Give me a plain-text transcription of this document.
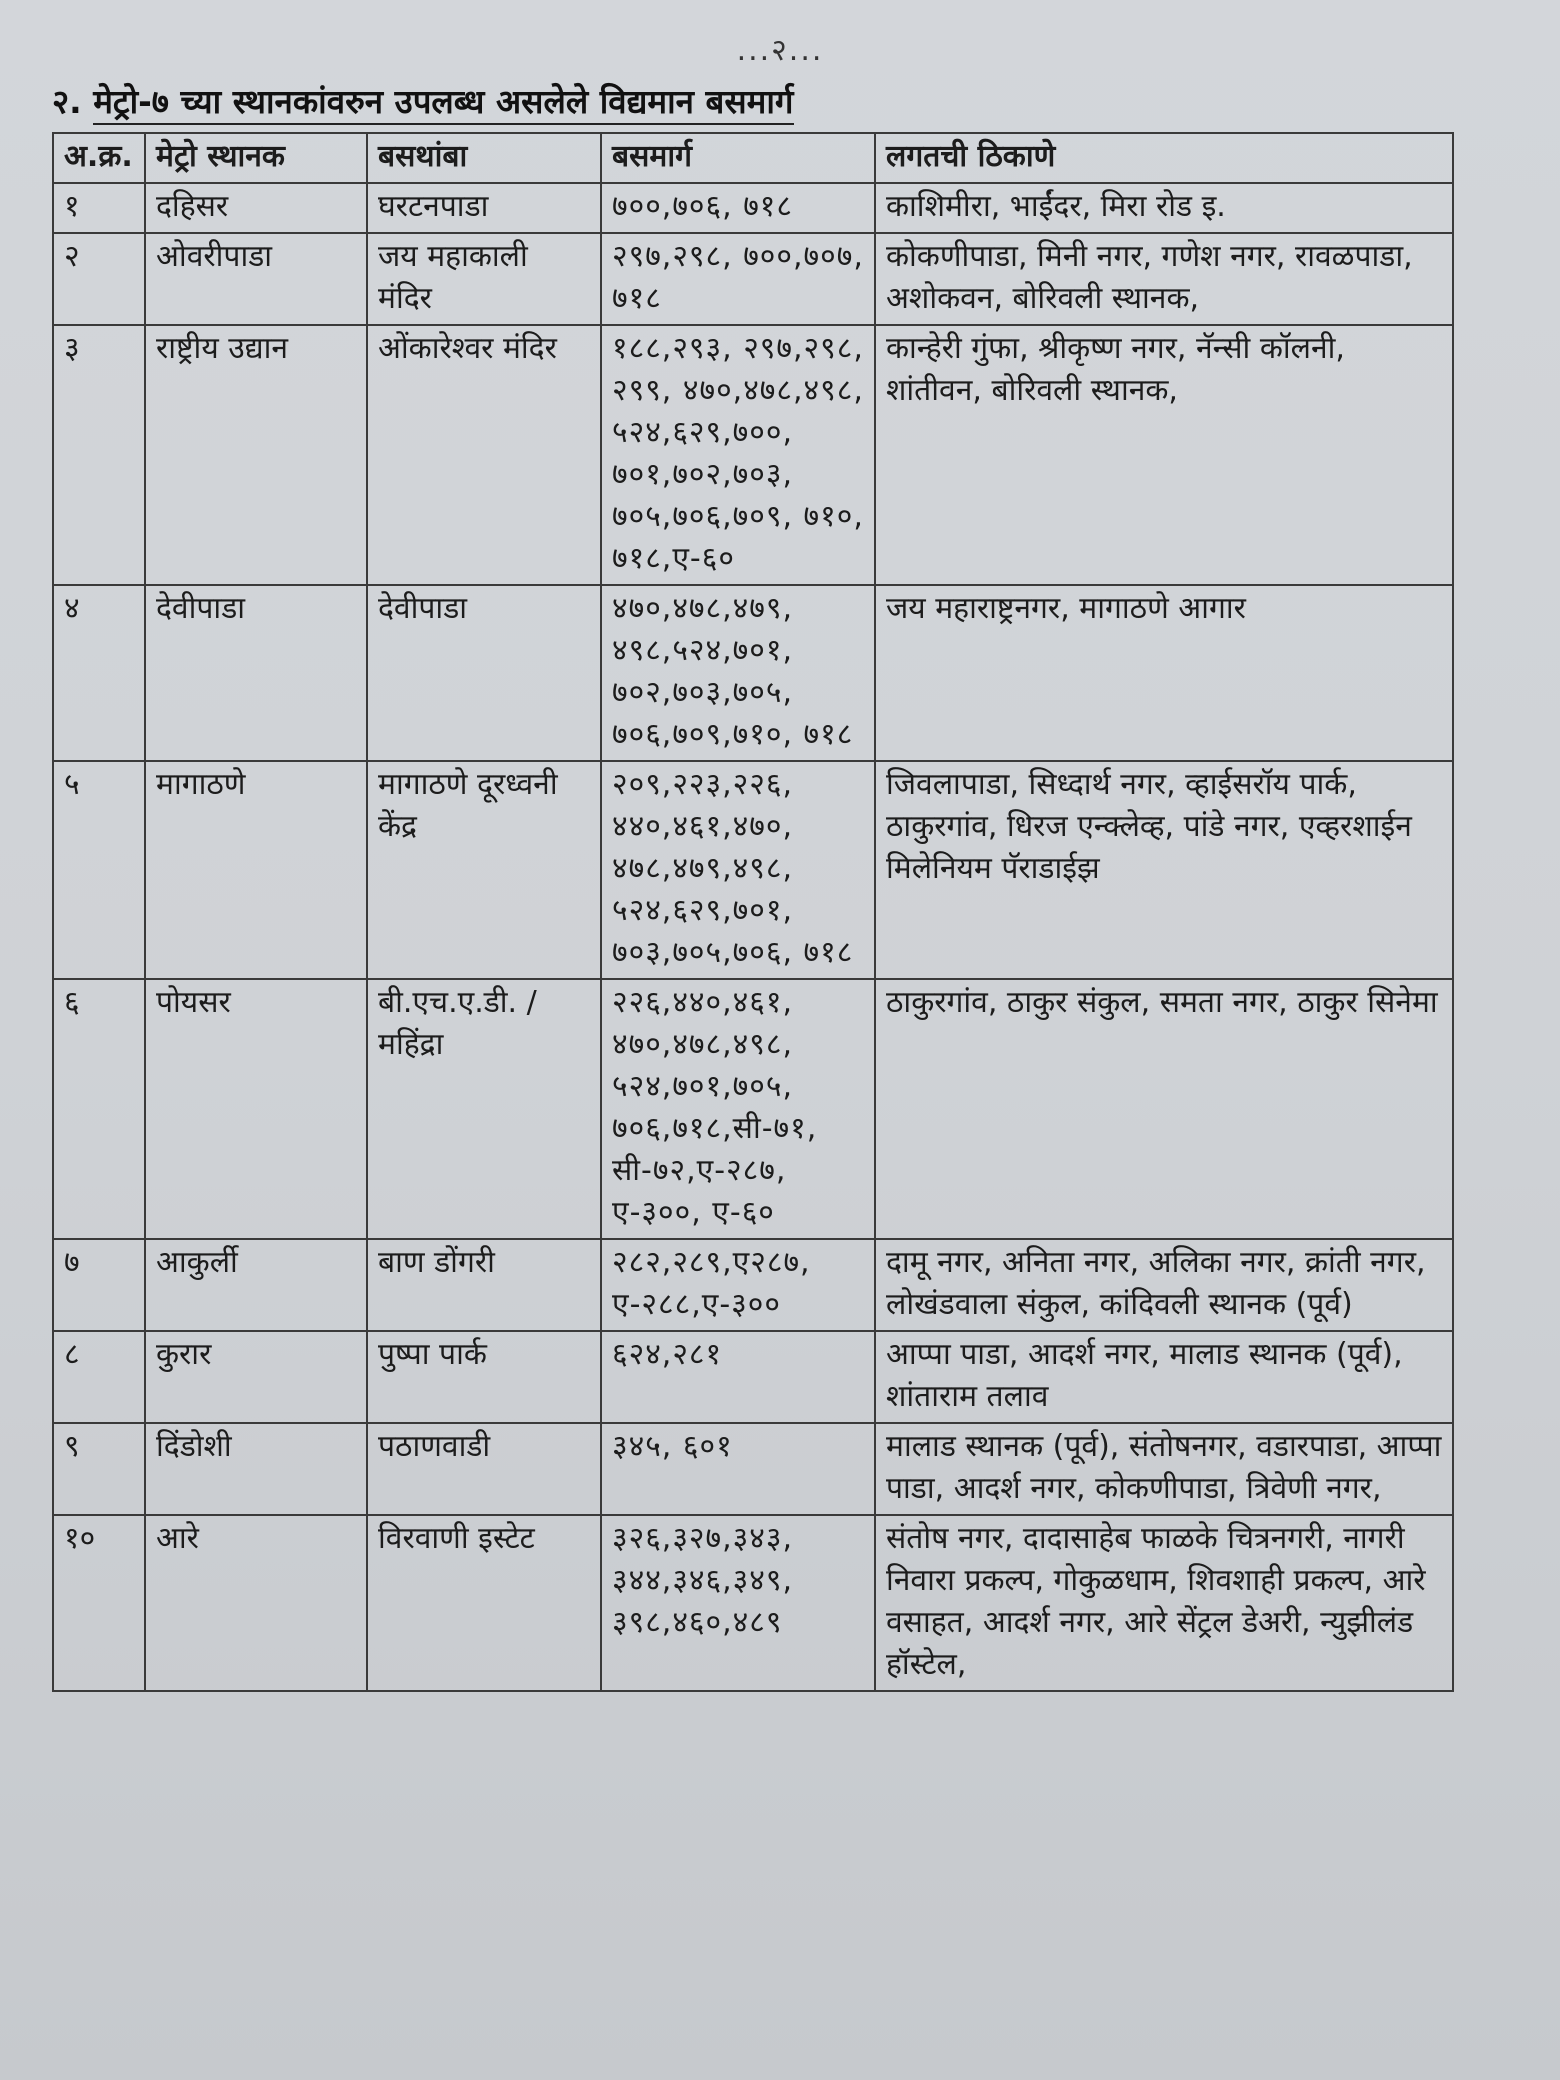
...२...
२. मेट्रो-७ च्या स्थानकांवरुन उपलब्ध असलेले विद्यमान बसमार्ग
अ.क्र.	मेट्रो स्थानक	बसथांबा	बसमार्ग	लगतची ठिकाणे
१	दहिसर	घरटनपाडा	७००,७०६, ७१८	काशिमीरा, भाईंदर, मिरा रोड इ.
२	ओवरीपाडा	जय महाकाली मंदिर	२९७,२९८, ७००,७०७, ७१८	कोकणीपाडा, मिनी नगर, गणेश नगर, रावळपाडा, अशोकवन, बोरिवली स्थानक,
३	राष्ट्रीय उद्यान	ओंकारेश्वर मंदिर	१८८,२९३, २९७,२९८, २९९, ४७०,४७८,४९८, ५२४,६२९,७००, ७०१,७०२,७०३, ७०५,७०६,७०९, ७१०, ७१८,ए-६०	कान्हेरी गुंफा, श्रीकृष्ण नगर, नॅन्सी कॉलनी, शांतीवन, बोरिवली स्थानक,
४	देवीपाडा	देवीपाडा	४७०,४७८,४७९, ४९८,५२४,७०१, ७०२,७०३,७०५, ७०६,७०९,७१०, ७१८	जय महाराष्ट्रनगर, मागाठणे आगार
५	मागाठणे	मागाठणे दूरध्वनी केंद्र	२०९,२२३,२२६, ४४०,४६१,४७०, ४७८,४७९,४९८, ५२४,६२९,७०१, ७०३,७०५,७०६, ७१८	जिवलापाडा, सिध्दार्थ नगर, व्हाईसरॉय पार्क, ठाकुरगांव, धिरज एन्क्लेव्ह, पांडे नगर, एव्हरशाईन मिलेनियम पॅराडाईझ
६	पोयसर	बी.एच.ए.डी. / महिंद्रा	२२६,४४०,४६१, ४७०,४७८,४९८, ५२४,७०१,७०५, ७०६,७१८,सी-७१, सी-७२,ए-२८७, ए-३००, ए-६०	ठाकुरगांव, ठाकुर संकुल, समता नगर, ठाकुर सिनेमा
७	आकुर्ली	बाण डोंगरी	२८२,२८९,ए२८७, ए-२८८,ए-३००	दामू नगर, अनिता नगर, अलिका नगर, क्रांती नगर, लोखंडवाला संकुल, कांदिवली स्थानक (पूर्व)
८	कुरार	पुष्पा पार्क	६२४,२८१	आप्पा पाडा, आदर्श नगर, मालाड स्थानक (पूर्व), शांताराम तलाव
९	दिंडोशी	पठाणवाडी	३४५, ६०१	मालाड स्थानक (पूर्व), संतोषनगर, वडारपाडा, आप्पा पाडा, आदर्श नगर, कोकणीपाडा, त्रिवेणी नगर,
१०	आरे	विरवाणी इस्टेट	३२६,३२७,३४३, ३४४,३४६,३४९, ३९८,४६०,४८९	संतोष नगर, दादासाहेब फाळके चित्रनगरी, नागरी निवारा प्रकल्प, गोकुळधाम, शिवशाही प्रकल्प, आरे वसाहत, आदर्श नगर, आरे सेंट्रल डेअरी, न्युझीलंड हॉस्टेल,
